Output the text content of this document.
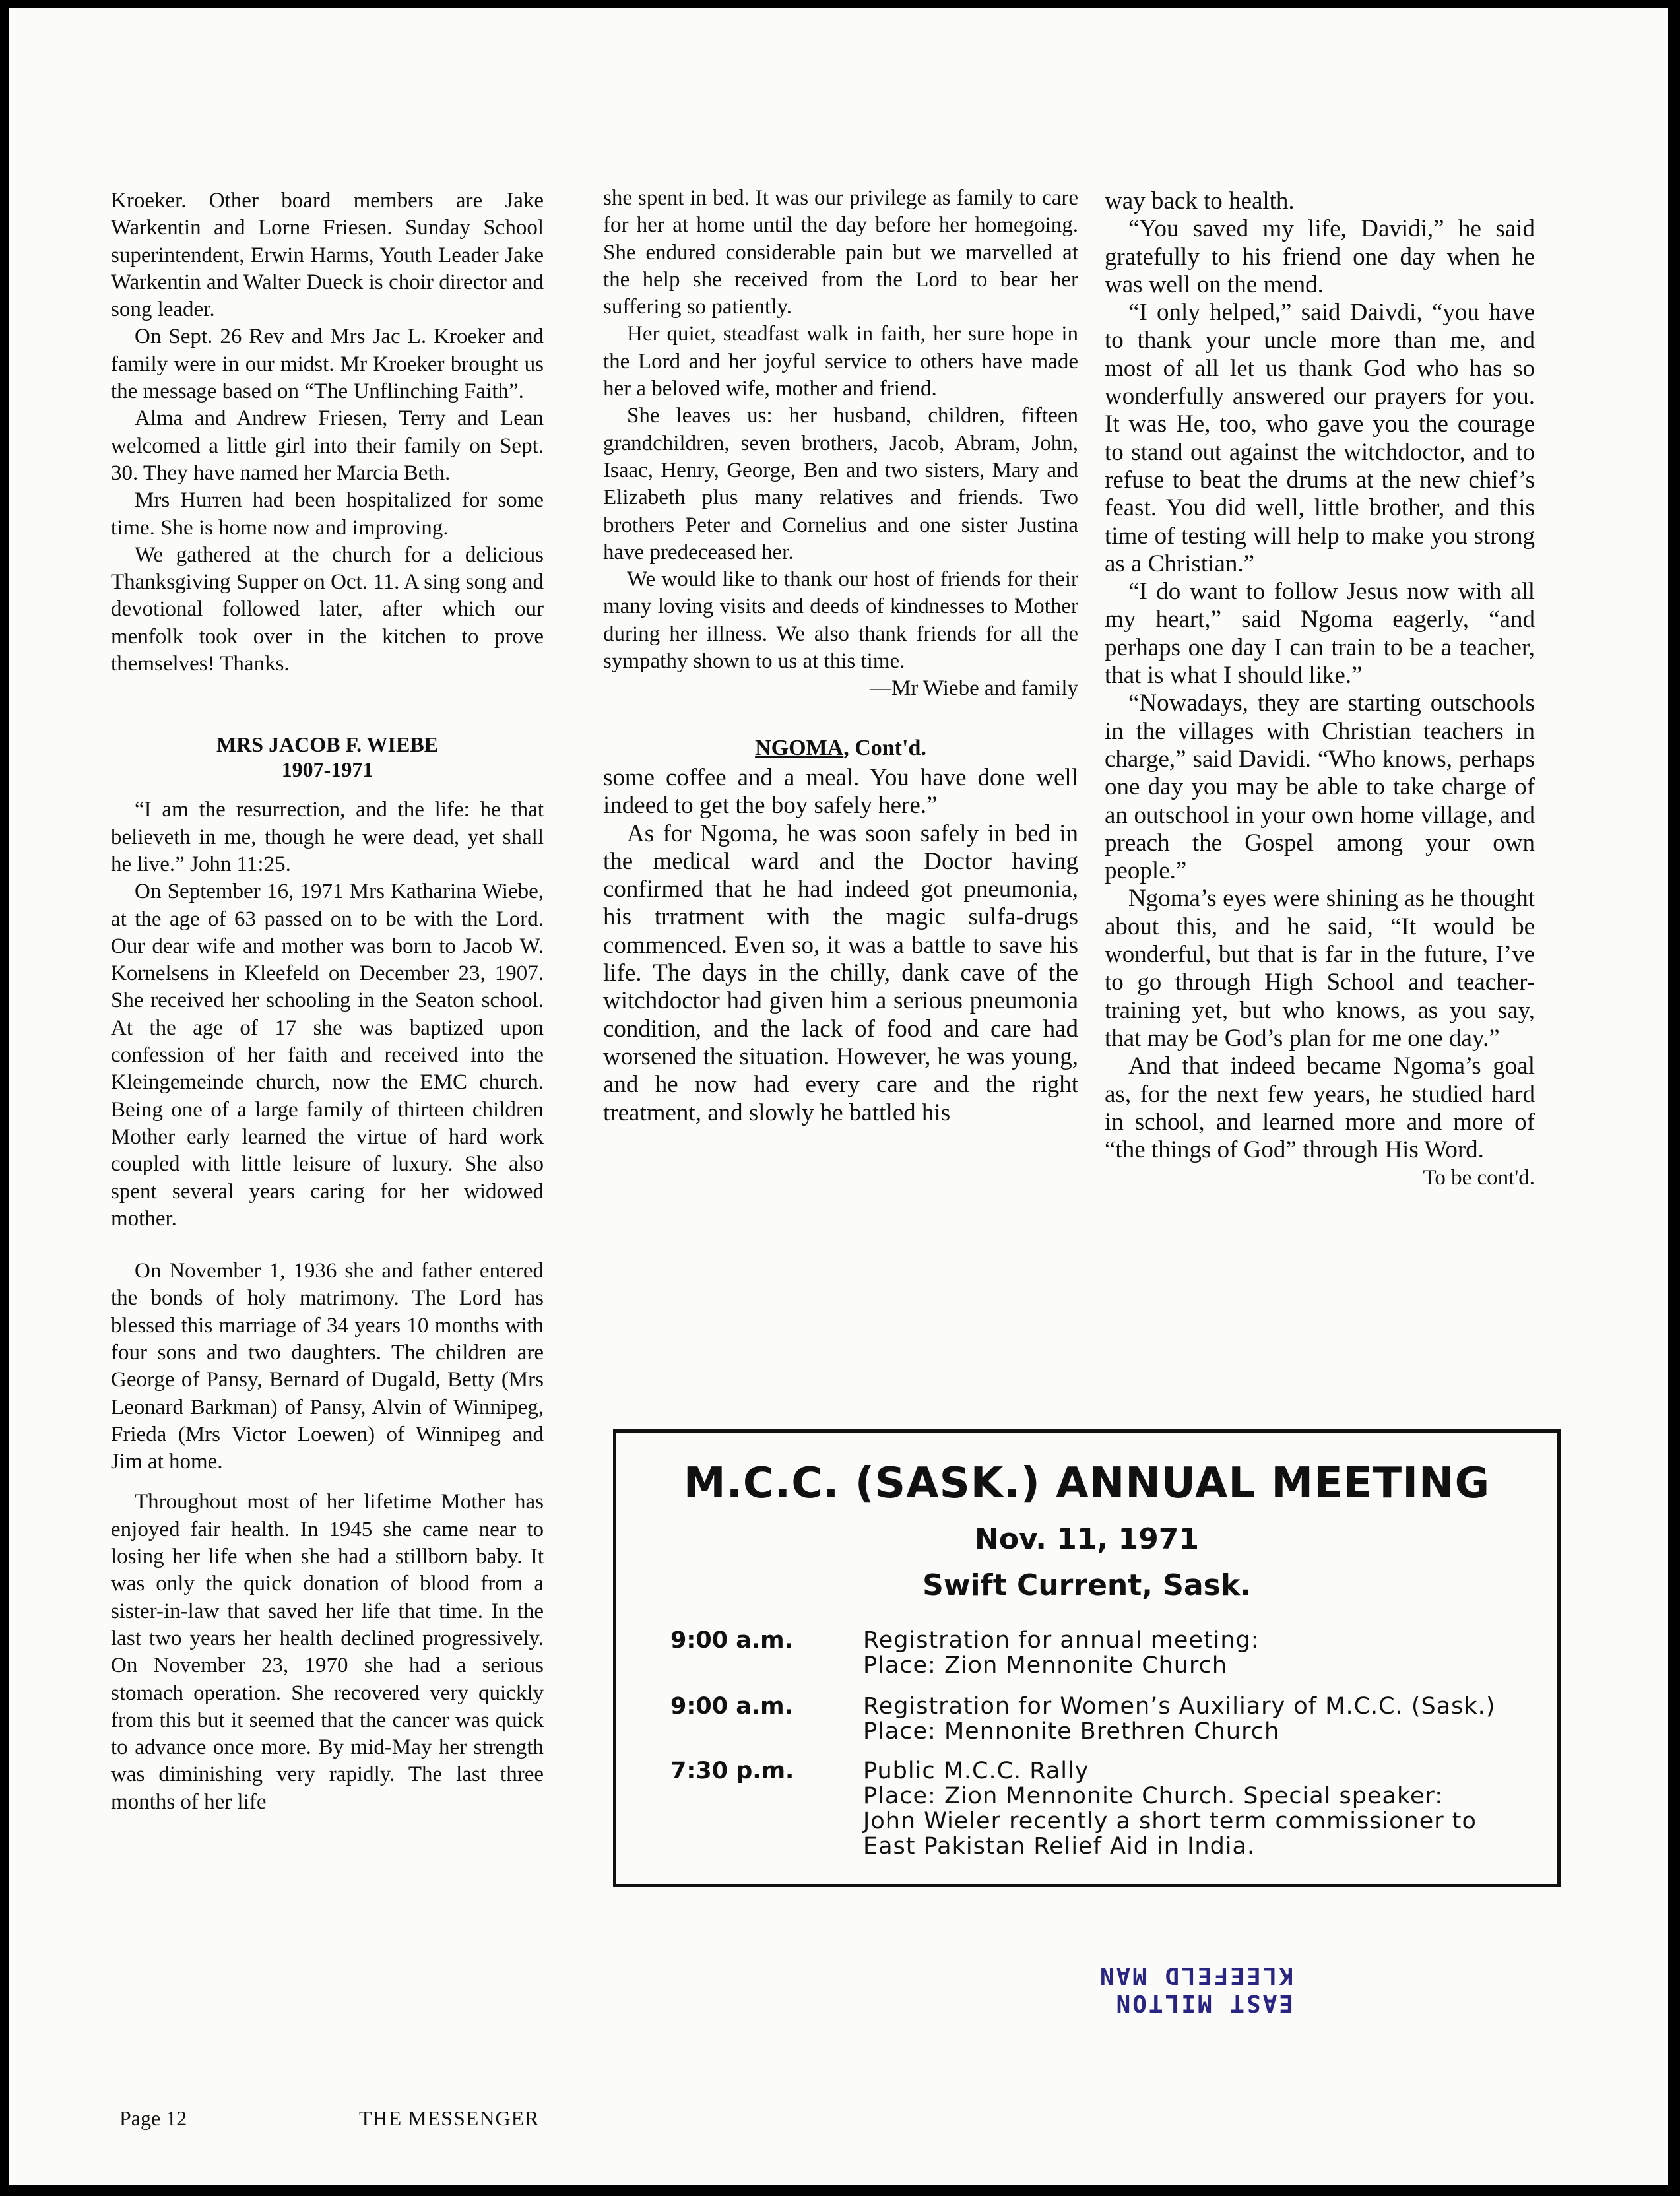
Kroeker. Other board members are Jake Warkentin and Lorne Friesen. Sunday School superintendent, Erwin Harms, Youth Leader Jake Warkentin and Walter Dueck is choir director and song leader.

On Sept. 26 Rev and Mrs Jac L. Kroeker and family were in our midst. Mr Kroeker brought us the message based on “The Unflinching Faith”.

Alma and Andrew Friesen, Terry and Lean welcomed a little girl into their family on Sept. 30. They have named her Marcia Beth.

Mrs Hurren had been hospitalized for some time. She is home now and improving.

We gathered at the church for a delicious Thanksgiving Supper on Oct. 11. A sing song and devotional followed later, after which our menfolk took over in the kitchen to prove themselves! Thanks.

MRS JACOB F. WIEBE
1907-1971

“I am the resurrection, and the life: he that believeth in me, though he were dead, yet shall he live.” John 11:25.

On September 16, 1971 Mrs Katharina Wiebe, at the age of 63 passed on to be with the Lord. Our dear wife and mother was born to Jacob W. Kornelsens in Kleefeld on December 23, 1907. She received her schooling in the Seaton school. At the age of 17 she was baptized upon confession of her faith and received into the Kleingemeinde church, now the EMC church. Being one of a large family of thirteen children Mother early learned the virtue of hard work coupled with little leisure of luxury. She also spent several years caring for her widowed mother.

On November 1, 1936 she and father entered the bonds of holy matrimony. The Lord has blessed this marriage of 34 years 10 months with four sons and two daughters. The children are George of Pansy, Bernard of Dugald, Betty (Mrs Leonard Barkman) of Pansy, Alvin of Winnipeg, Frieda (Mrs Victor Loewen) of Winnipeg and Jim at home.

Throughout most of her lifetime Mother has enjoyed fair health. In 1945 she came near to losing her life when she had a stillborn baby. It was only the quick donation of blood from a sister-in-law that saved her life that time. In the last two years her health declined progressively. On November 23, 1970 she had a serious stomach operation. She recovered very quickly from this but it seemed that the cancer was quick to advance once more. By mid-May her strength was diminishing very rapidly. The last three months of her life

she spent in bed. It was our privilege as family to care for her at home until the day before her homegoing. She endured considerable pain but we marvelled at the help she received from the Lord to bear her suffering so patiently.

Her quiet, steadfast walk in faith, her sure hope in the Lord and her joyful service to others have made her a beloved wife, mother and friend.

She leaves us: her husband, children, fifteen grandchildren, seven brothers, Jacob, Abram, John, Isaac, Henry, George, Ben and two sisters, Mary and Elizabeth plus many relatives and friends. Two brothers Peter and Cornelius and one sister Justina have predeceased her.

We would like to thank our host of friends for their many loving visits and deeds of kindnesses to Mother during her illness. We also thank friends for all the sympathy shown to us at this time.

—Mr Wiebe and family
NGOMA, Cont'd.

some coffee and a meal. You have done well indeed to get the boy safely here.”

As for Ngoma, he was soon safely in bed in the medical ward and the Doctor having confirmed that he had indeed got pneumonia, his trratment with the magic sulfa-drugs commenced. Even so, it was a battle to save his life. The days in the chilly, dank cave of the witchdoctor had given him a serious pneumonia condition, and the lack of food and care had worsened the situation. However, he was young, and he now had every care and the right treatment, and slowly he battled his

way back to health.

“You saved my life, Davidi,” he said gratefully to his friend one day when he was well on the mend.

“I only helped,” said Daivdi, “you have to thank your uncle more than me, and most of all let us thank God who has so wonderfully answered our prayers for you. It was He, too, who gave you the courage to stand out against the witchdoctor, and to refuse to beat the drums at the new chief’s feast. You did well, little brother, and this time of testing will help to make you strong as a Christian.”

“I do want to follow Jesus now with all my heart,” said Ngoma eagerly, “and perhaps one day I can train to be a teacher, that is what I should like.”

“Nowadays, they are starting outschools in the villages with Christian teachers in charge,” said Davidi. “Who knows, perhaps one day you may be able to take charge of an outschool in your own home village, and preach the Gospel among your own people.”

Ngoma’s eyes were shining as he thought about this, and he said, “It would be wonderful, but that is far in the future, I’ve to go through High School and teacher-training yet, but who knows, as you say, that may be God’s plan for me one day.”

And that indeed became Ngoma’s goal as, for the next few years, he studied hard in school, and learned more and more of “the things of God” through His Word.

To be cont'd.
M.C.C. (SASK.) ANNUAL MEETING
Nov. 11, 1971
Swift Current, Sask.
9:00 a.m.	Registration for annual meeting:
Place: Zion Mennonite Church
9:00 a.m.	Registration for Women’s Auxiliary of M.C.C. (Sask.)
Place: Mennonite Brethren Church
7:30 p.m.	Public M.C.C. Rally
Place: Zion Mennonite Church. Special speaker:
John Wieler recently a short term commissioner to
East Pakistan Relief Aid in India.
EAST MILTON
KLEEFELD MAN
Page 12	THE MESSENGER
